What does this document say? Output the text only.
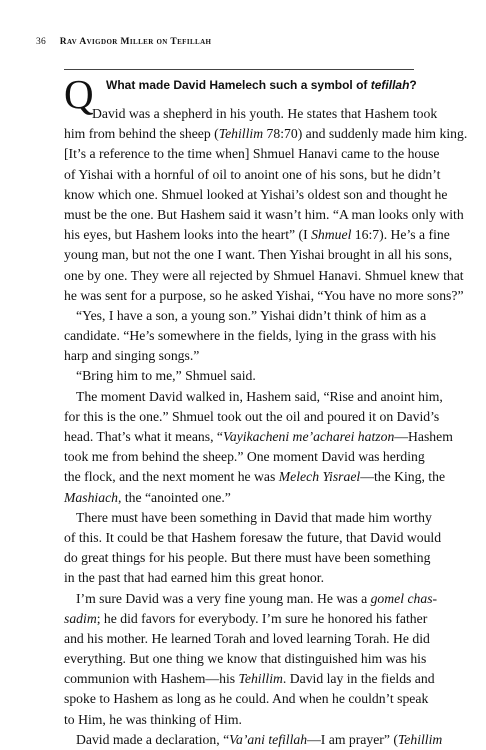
36 Rav Avigdor Miller on Tefillah
Q What made David Hamelech such a symbol of tefillah?
David was a shepherd in his youth. He states that Hashem took
him from behind the sheep (Tehillim 78:70) and suddenly made him king.
[It’s a reference to the time when] Shmuel Hanavi came to the house
of Yishai with a hornful of oil to anoint one of his sons, but he didn’t
know which one. Shmuel looked at Yishai’s oldest son and thought he
must be the one. But Hashem said it wasn’t him. “A man looks only with
his eyes, but Hashem looks into the heart” (I Shmuel 16:7). He’s a fine
young man, but not the one I want. Then Yishai brought in all his sons,
one by one. They were all rejected by Shmuel Hanavi. Shmuel knew that
he was sent for a purpose, so he asked Yishai, “You have no more sons?”
“Yes, I have a son, a young son.” Yishai didn’t think of him as a
candidate. “He’s somewhere in the fields, lying in the grass with his
harp and singing songs.”
“Bring him to me,” Shmuel said.
The moment David walked in, Hashem said, “Rise and anoint him,
for this is the one.” Shmuel took out the oil and poured it on David’s
head. That’s what it means, “Vayikacheni me’acharei hatzon—Hashem
took me from behind the sheep.” One moment David was herding
the flock, and the next moment he was Melech Yisrael—the King, the
Mashiach, the “anointed one.”
There must have been something in David that made him worthy
of this. It could be that Hashem foresaw the future, that David would
do great things for his people. But there must have been something
in the past that had earned him this great honor.
I’m sure David was a very fine young man. He was a gomel chas-
sadim; he did favors for everybody. I’m sure he honored his father
and his mother. He learned Torah and loved learning Torah. He did
everything. But one thing we know that distinguished him was his
communion with Hashem—his Tehillim. David lay in the fields and
spoke to Hashem as long as he could. And when he couldn’t speak
to Him, he was thinking of Him.
David made a declaration, “Va’ani tefillah—I am prayer” (Tehillim
